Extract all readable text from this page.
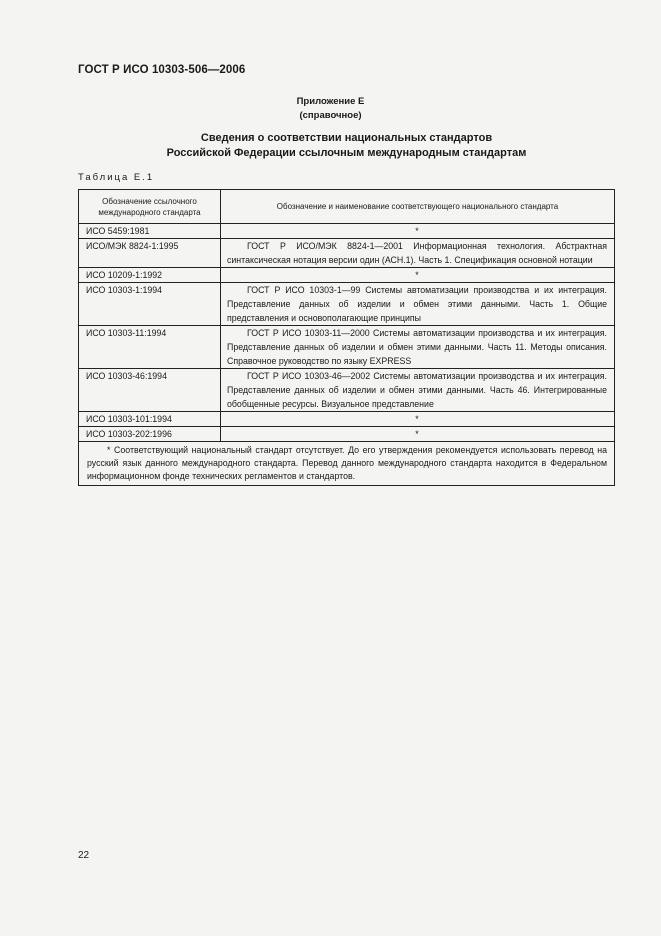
ГОСТ Р ИСО 10303-506—2006
Приложение Е
(справочное)
Сведения о соответствии национальных стандартов
Российской Федерации ссылочным международным стандартам
Таблица Е.1
Обозначение ссылочного международного стандарта	Обозначение и наименование соответствующего национального стандарта
ИСО 5459:1981	*
ИСО/МЭК 8824-1:1995	ГОСТ Р ИСО/МЭК 8824-1—2001 Информационная технология. Абстрактная синтаксическая нотация версии один (АСН.1). Часть 1. Спецификация основной нотации
ИСО 10209-1:1992	*
ИСО 10303-1:1994	ГОСТ Р ИСО 10303-1—99 Системы автоматизации производства и их интеграция. Представление данных об изделии и обмен этими данными. Часть 1. Общие представления и основополагающие принципы
ИСО 10303-11:1994	ГОСТ Р ИСО 10303-11—2000 Системы автоматизации производства и их интеграция. Представление данных об изделии и обмен этими данными. Часть 11. Методы описания. Справочное руководство по языку EXPRESS
ИСО 10303-46:1994	ГОСТ Р ИСО 10303-46—2002 Системы автоматизации производства и их интеграция. Представление данных об изделии и обмен этими данными. Часть 46. Интегрированные обобщенные ресурсы. Визуальное представление
ИСО 10303-101:1994	*
ИСО 10303-202:1996	*
* Соответствующий национальный стандарт отсутствует. До его утверждения рекомендуется использовать перевод на русский язык данного международного стандарта. Перевод данного международного стандарта находится в Федеральном информационном фонде технических регламентов и стандартов.	
22
